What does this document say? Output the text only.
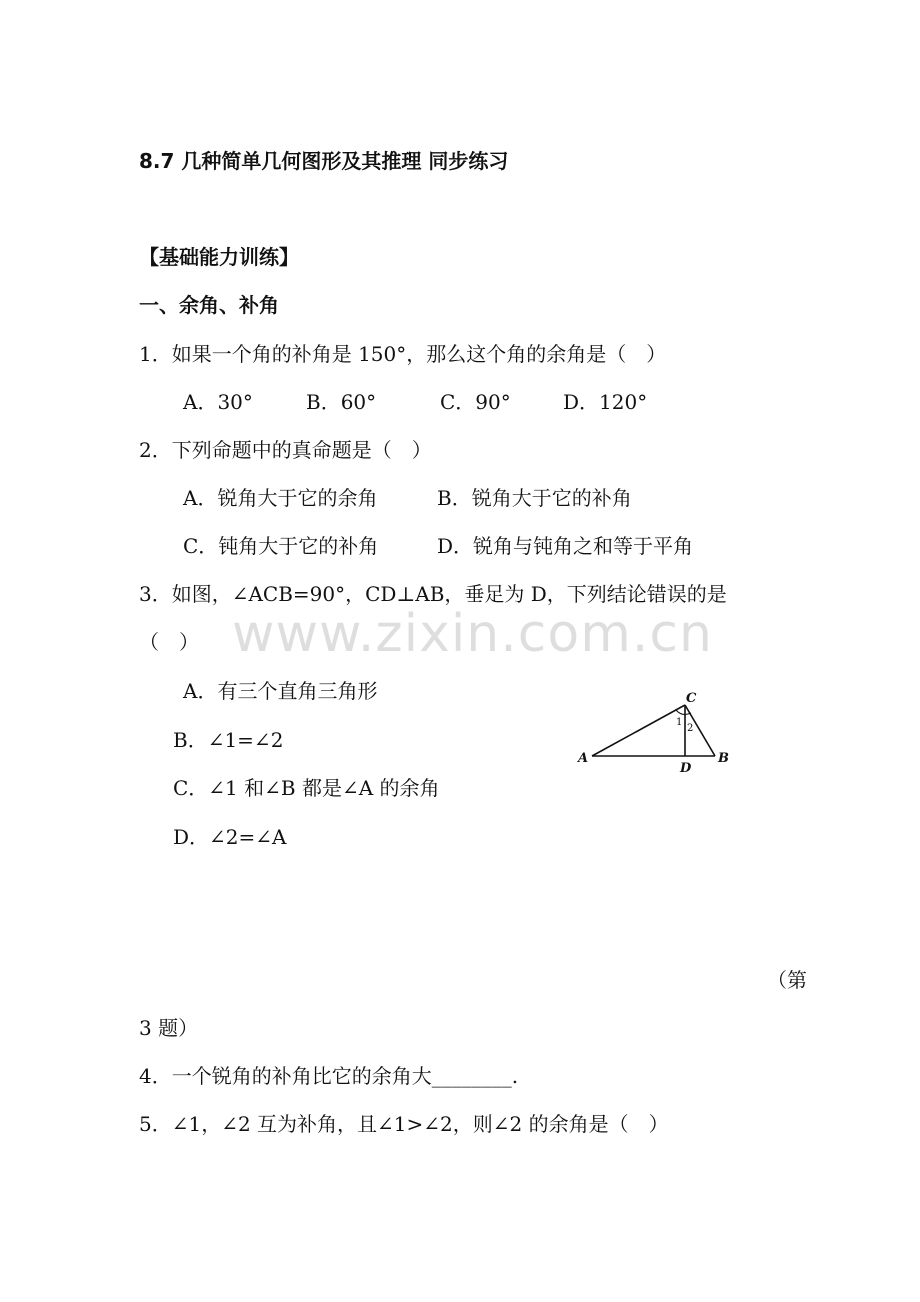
www.zixin.com.cn
8.7 几种简单几何图形及其推理 同步练习
【基础能力训练】
一、余角、补角
1．如果一个角的补角是 150°，那么这个角的余角是（　）
A．30°	B．60°	C．90°	D．120°
2．下列命题中的真命题是（　）
A．锐角大于它的余角	B．锐角大于它的补角
C．钝角大于它的补角	D．锐角与钝角之和等于平角
3．如图，∠ACB=90°，CD⊥AB，垂足为 D，下列结论错误的是
（　）
A．有三个直角三角形
B．∠1=∠2
C．∠1 和∠B 都是∠A 的余角
D．∠2=∠A
A	B
C
D
1
2
（第
3 题）
4．一个锐角的补角比它的余角大________.
5．∠1，∠2 互为补角，且∠1>∠2，则∠2 的余角是（　）
